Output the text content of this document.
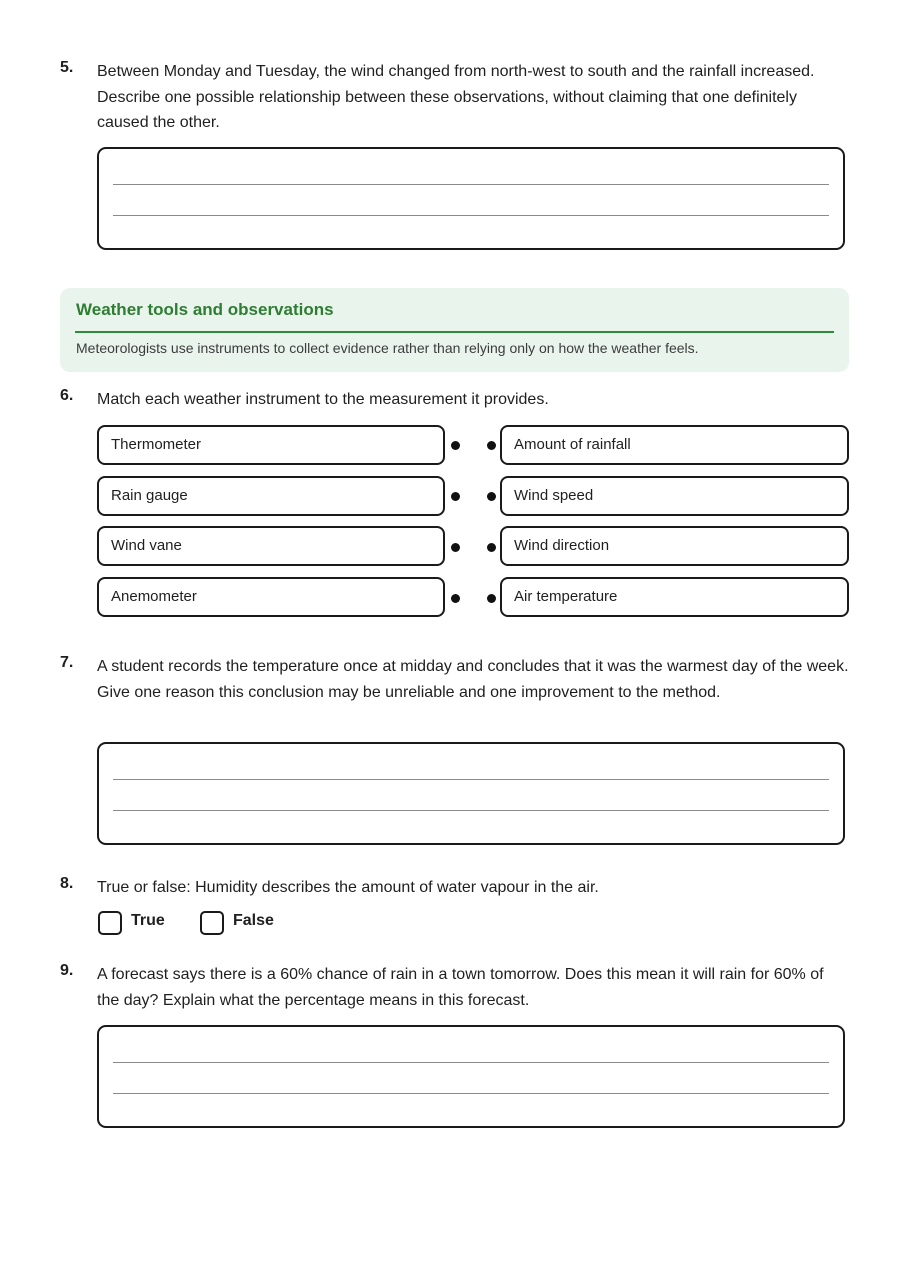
5. Between Monday and Tuesday, the wind changed from north-west to south and the rainfall increased. Describe one possible relationship between these observations, without claiming that one definitely caused the other.
Weather tools and observations
Meteorologists use instruments to collect evidence rather than relying only on how the weather feels.
6. Match each weather instrument to the measurement it provides.
Thermometer
Rain gauge
Wind vane
Anemometer
Amount of rainfall
Wind speed
Wind direction
Air temperature
7. A student records the temperature once at midday and concludes that it was the warmest day of the week. Give one reason this conclusion may be unreliable and one improvement to the method.
8. True or false: Humidity describes the amount of water vapour in the air.
True	False
9. A forecast says there is a 60% chance of rain in a town tomorrow. Does this mean it will rain for 60% of the day? Explain what the percentage means in this forecast.
